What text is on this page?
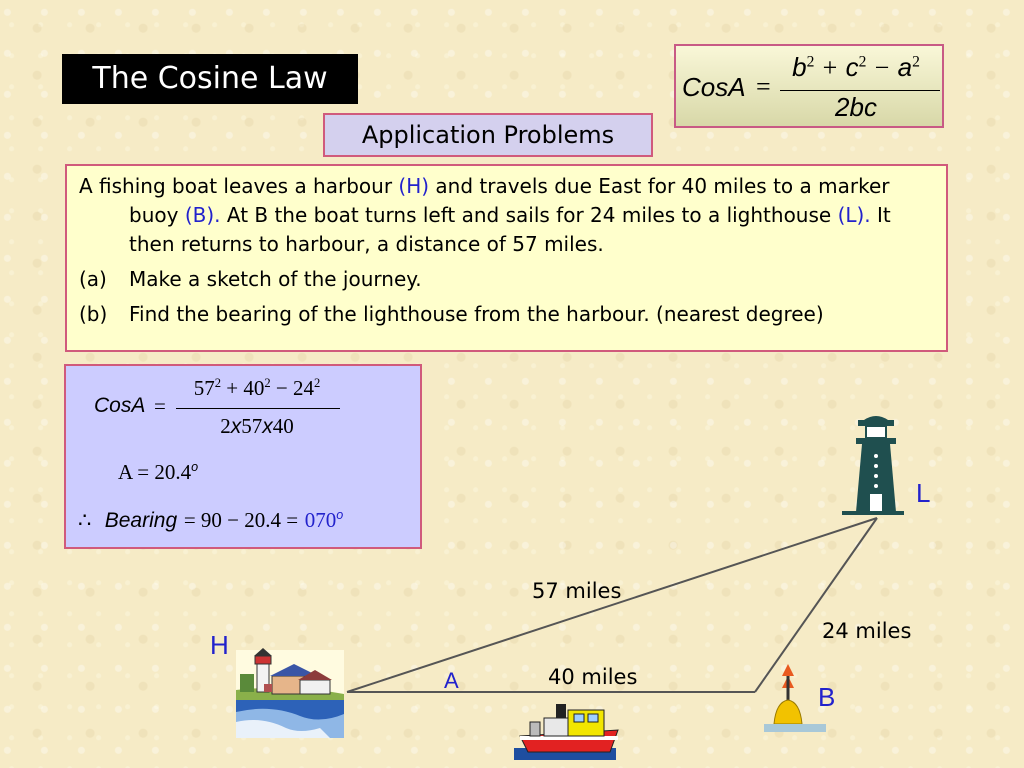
The Cosine Law
Application Problems
CosA =
$b^2 + c^2 - a^2$
2bc

A fishing boat leaves a harbour (H) and travels due East for 40 miles to a marker buoy (B). At B the boat turns left and sails for 24 miles to a lighthouse (L). It then returns to harbour, a distance of 57 miles.

(a)	Make a sketch of the journey.
(b)	Find the bearing of the lighthouse from the harbour. (nearest degree)
CosA =
$57^2 + 40^2 - 24^2$
2x57x40
$A = 20.4^o$
∴ Bearing = $90 - 20.4 = 070^o$
H
B
L
A
57 miles
24 miles
40 miles
